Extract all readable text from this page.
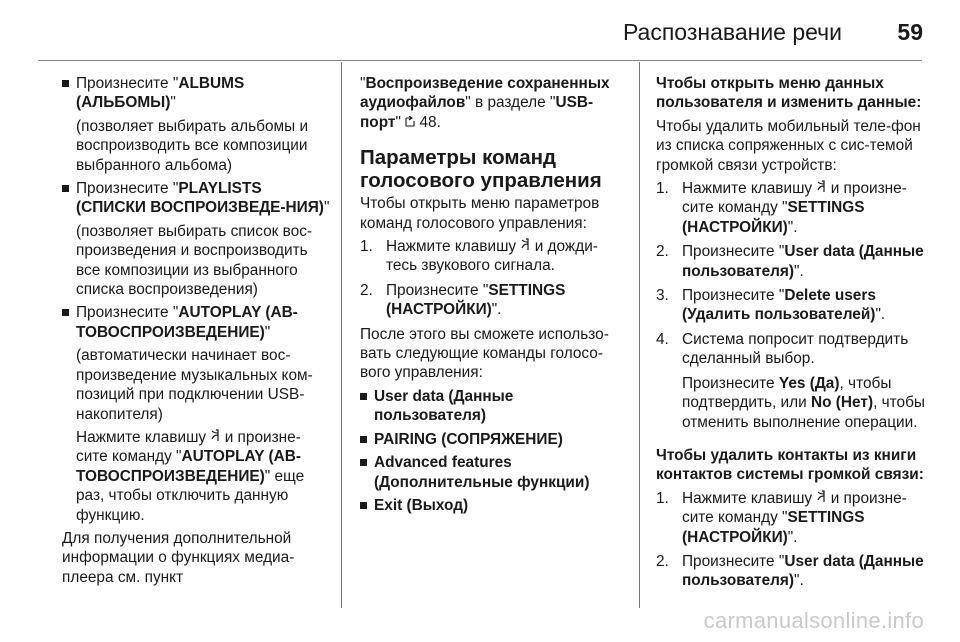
Распознавание речи 59

Произнесите "ALBUMS (АЛЬБОМЫ)"

(позволяет выбирать альбомы и воспроизводить все композиции выбранного альбома)

Произнесите "PLAYLISTS (СПИСКИ ВОСПРОИЗВЕДЕ-НИЯ)"

(позволяет выбирать список вос-произведения и воспроизводить все композиции из выбранного списка воспроизведения)

Произнесите "AUTOPLAY (АВ-ТОВОСПРОИЗВЕДЕНИЕ)"

(автоматически начинает вос-произведение музыкальных ком-позиций при подключении USB-накопителя)

Нажмите клавишу и произне-сите команду "AUTOPLAY (АВ-ТОВОСПРОИЗВЕДЕНИЕ)" еще раз, чтобы отключить данную функцию.

Для получения дополнительной информации о функциях медиа-плеера см. пункт

"Воспроизведение сохраненных аудиофайлов" в разделе "USB-порт" 48.

Параметры команд голосового управления

Чтобы открыть меню параметров команд голосового управления:

1. Нажмите клавишу и дожди-тесь звукового сигнала.

2. Произнесите "SETTINGS (НАСТРОЙКИ)".

После этого вы сможете использо-вать следующие команды голосо-вого управления:

User data (Данные пользователя)

PAIRING (СОПРЯЖЕНИЕ)

Advanced features (Дополнительные функции)

Exit (Выход)

Чтобы открыть меню данных пользователя и изменить данные:

Чтобы удалить мобильный теле-фон из списка сопряженных с сис-темой громкой связи устройств:

1. Нажмите клавишу и произне-сите команду "SETTINGS (НАСТРОЙКИ)".

2. Произнесите "User data (Данные пользователя)".

3. Произнесите "Delete users (Удалить пользователей)".

4. Система попросит подтвердить сделанный выбор.

Произнесите Yes (Да), чтобы подтвердить, или No (Нет), чтобы отменить выполнение операции.

Чтобы удалить контакты из книги контактов системы громкой связи:

1. Нажмите клавишу и произне-сите команду "SETTINGS (НАСТРОЙКИ)".

2. Произнесите "User data (Данные пользователя)".

carmanualsonline.info
